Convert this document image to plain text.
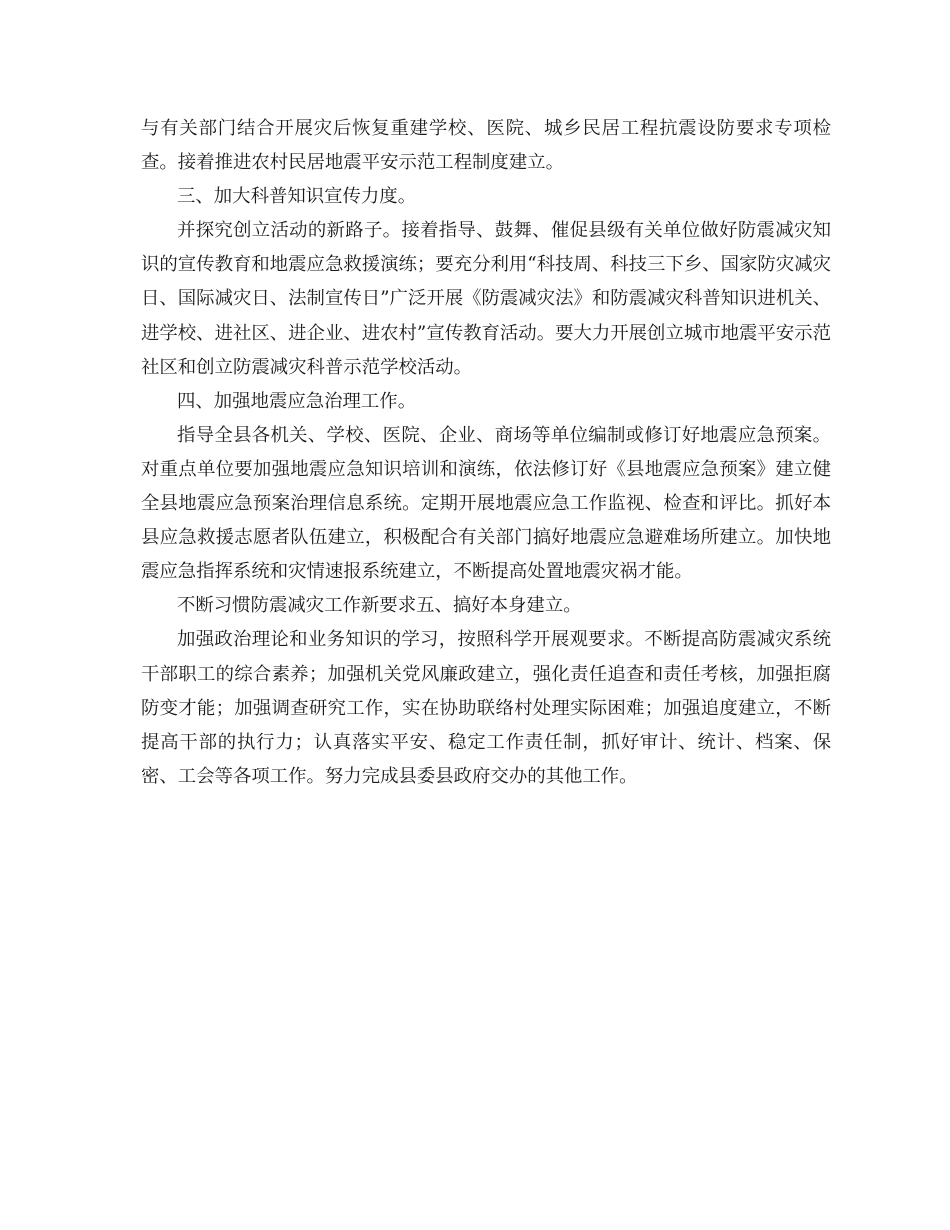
与有关部门结合开展灾后恢复重建学校、医院、城乡民居工程抗震设防要求专项检查。接着推进农村民居地震平安示范工程制度建立。

三、加大科普知识宣传力度。

并探究创立活动的新路子。接着指导、鼓舞、催促县级有关单位做好防震减灾知识的宣传教育和地震应急救援演练；要充分利用“科技周、科技三下乡、国家防灾减灾日、国际减灾日、法制宣传日”广泛开展《防震减灾法》和防震减灾科普知识进机关、进学校、进社区、进企业、进农村”宣传教育活动。要大力开展创立城市地震平安示范社区和创立防震减灾科普示范学校活动。

四、加强地震应急治理工作。

指导全县各机关、学校、医院、企业、商场等单位编制或修订好地震应急预案。对重点单位要加强地震应急知识培训和演练，依法修订好《县地震应急预案》建立健全县地震应急预案治理信息系统。定期开展地震应急工作监视、检查和评比。抓好本县应急救援志愿者队伍建立，积极配合有关部门搞好地震应急避难场所建立。加快地震应急指挥系统和灾情速报系统建立，不断提高处置地震灾祸才能。

不断习惯防震减灾工作新要求五、搞好本身建立。

加强政治理论和业务知识的学习，按照科学开展观要求。不断提高防震减灾系统干部职工的综合素养；加强机关党风廉政建立，强化责任追查和责任考核，加强拒腐防变才能；加强调查研究工作，实在协助联络村处理实际困难；加强追度建立，不断提高干部的执行力；认真落实平安、稳定工作责任制，抓好审计、统计、档案、保密、工会等各项工作。努力完成县委县政府交办的其他工作。
